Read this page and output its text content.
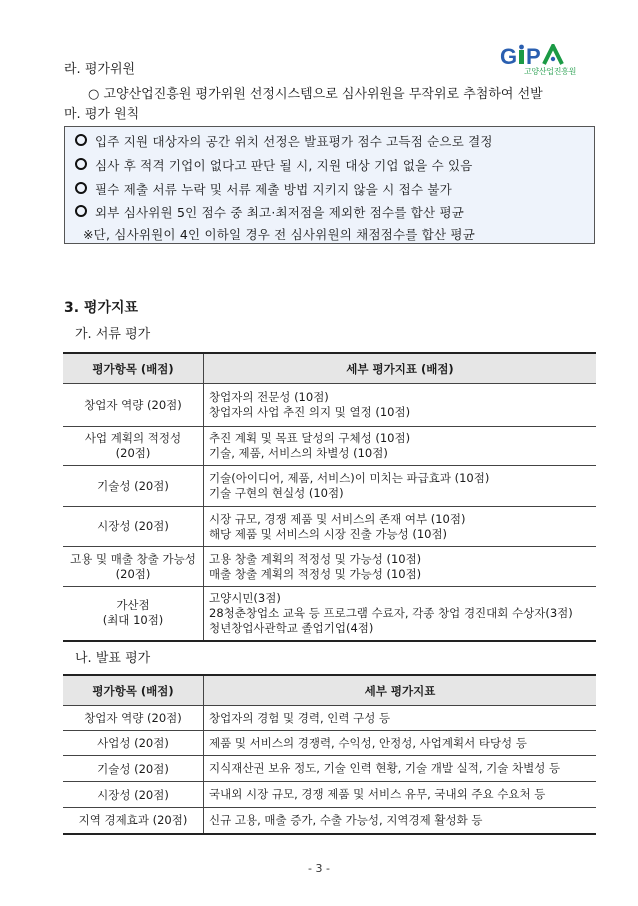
G P
고양산업진흥원
라. 평가위원
○ 고양산업진흥원 평가위원 선정시스템으로 심사위원을 무작위로 추첨하여 선발
마. 평가 원칙
입주 지원 대상자의 공간 위치 선정은 발표평가 점수 고득점 순으로 결정
심사 후 적격 기업이 없다고 판단 될 시, 지원 대상 기업 없을 수 있음
필수 제출 서류 누락 및 서류 제출 방법 지키지 않을 시 접수 불가
외부 심사위원 5인 점수 중 최고·최저점을 제외한 점수를 합산 평균
※단, 심사위원이 4인 이하일 경우 전 심사위원의 채점점수를 합산 평균
3. 평가지표
가. 서류 평가
평가항목 (배점)	세부 평가지표 (배점)

창업자 역량 (20점)	창업자의 전문성 (10점)
창업자의 사업 추진 의지 및 열정 (10점)

사업 계획의 적정성
(20점)	추진 계획 및 목표 달성의 구체성 (10점)
기술, 제품, 서비스의 차별성 (10점)

기술성 (20점)	기술(아이디어, 제품, 서비스)이 미치는 파급효과 (10점)
기술 구현의 현실성 (10점)

시장성 (20점)	시장 규모, 경쟁 제품 및 서비스의 존재 여부 (10점)
해당 제품 및 서비스의 시장 진출 가능성 (10점)

고용 및 매출 창출 가능성
(20점)	고용 창출 계획의 적정성 및 가능성 (10점)
매출 창출 계획의 적정성 및 가능성 (10점)

가산점
(최대 10점)	고양시민(3점)
28청춘창업소 교육 등 프로그램 수료자, 각종 창업 경진대회 수상자(3점)
청년창업사관학교 졸업기업(4점)
나. 발표 평가
평가항목 (배점)	세부 평가지표
창업자 역량 (20점)	창업자의 경험 및 경력, 인력 구성 등
사업성 (20점)	제품 및 서비스의 경쟁력, 수익성, 안정성, 사업계획서 타당성 등
기술성 (20점)	지식재산권 보유 정도, 기술 인력 현황, 기술 개발 실적, 기술 차별성 등
시장성 (20점)	국내외 시장 규모, 경쟁 제품 및 서비스 유무, 국내외 주요 수요처 등
지역 경제효과 (20점)	신규 고용, 매출 증가, 수출 가능성, 지역경제 활성화 등
- 3 -
